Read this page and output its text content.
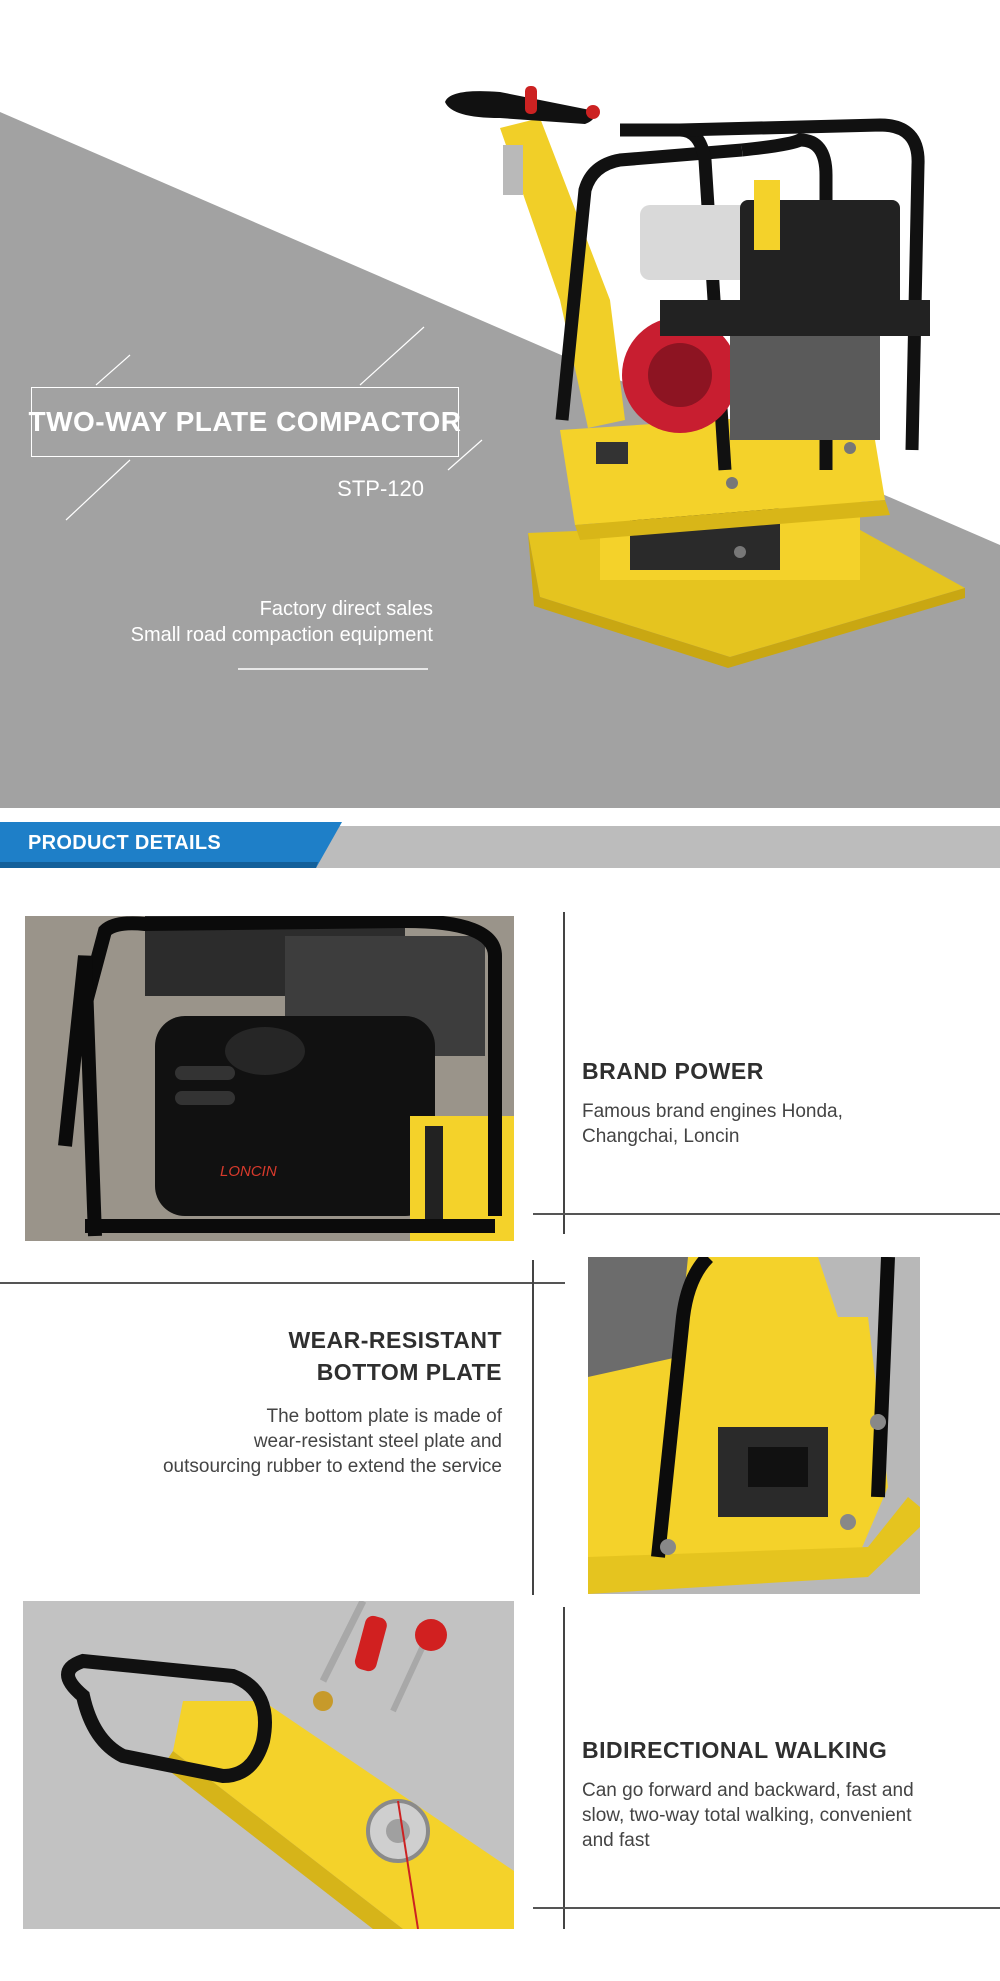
TWO-WAY PLATE COMPACTOR
STP-120
Factory direct sales
Small road compaction equipment
PRODUCT DETAILS
LONCIN
BRAND POWER
Famous brand engines Honda,
Changchai, Loncin
WEAR-RESISTANT
BOTTOM PLATE
The bottom plate is made of
wear-resistant steel plate and
outsourcing rubber to extend the service
BIDIRECTIONAL WALKING
Can go forward and backward, fast and
slow, two-way total walking, convenient
and fast
